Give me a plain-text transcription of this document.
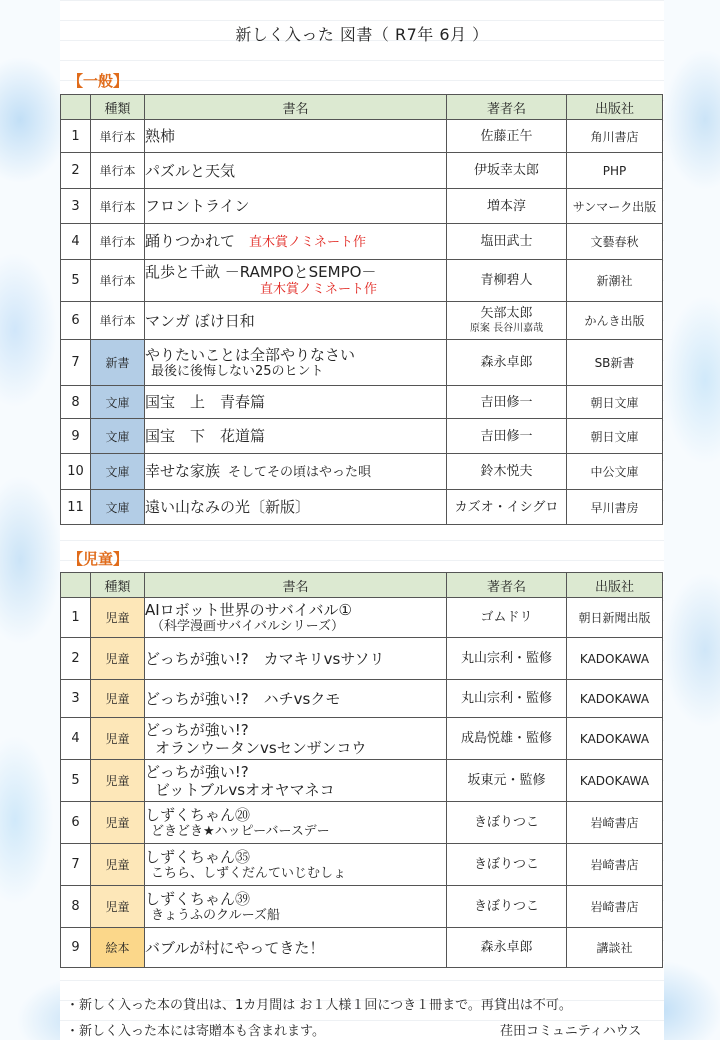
新しく入った 図書（ R7年 6月 ）
【一般】
	種類	書名	著者名	出版社
1	単行本	熟柿	佐藤正午	角川書店
2	単行本	パズルと天気	伊坂幸太郎	PHP
3	単行本	フロントライン	増本淳	サンマーク出版
4	単行本	踊りつかれて 直木賞ノミネート作	塩田武士	文藝春秋
5	単行本	乱歩と千畝 －RAMPOとSEMPO－
直木賞ノミネート作	青柳碧人	新潮社
6	単行本	マンガ ぼけ日和	矢部太郎
原案 長谷川嘉哉	かんき出版
7	新書	やりたいことは全部やりなさい
最後に後悔しない25のヒント	森永卓郎	SB新書
8	文庫	国宝　上　青春篇	吉田修一	朝日文庫
9	文庫	国宝　下　花道篇	吉田修一	朝日文庫
10	文庫	幸せな家族 そしてその頃はやった唄	鈴木悦夫	中公文庫
11	文庫	遠い山なみの光〔新版〕	カズオ・イシグロ	早川書房
【児童】
	種類	書名	著者名	出版社
1	児童	AIロボット世界のサバイバル①
（科学漫画サバイバルシリーズ）	ゴムドリ	朝日新聞出版
2	児童	どっちが強い!?　カマキリvsサソリ	丸山宗利・監修	KADOKAWA
3	児童	どっちが強い!?　ハチvsクモ	丸山宗利・監修	KADOKAWA
4	児童	どっちが強い!?
オランウータンvsセンザンコウ	成島悦雄・監修	KADOKAWA
5	児童	どっちが強い!?
ビットブルvsオオヤマネコ	坂東元・監修	KADOKAWA
6	児童	しずくちゃん⑳
どきどき★ハッピーバースデー	きぼりつこ	岩崎書店
7	児童	しずくちゃん㉟
こちら、しずくだんていじむしょ	きぼりつこ	岩崎書店
8	児童	しずくちゃん㊴
きょうふのクルーズ船	きぼりつこ	岩崎書店
9	絵本	バブルが村にやってきた！	森永卓郎	講談社
・新しく入った本の貸出は、1カ月間は お１人様１回につき１冊まで。再貸出は不可。
・新しく入った本には寄贈本も含まれます。	荏田コミュニティハウス
